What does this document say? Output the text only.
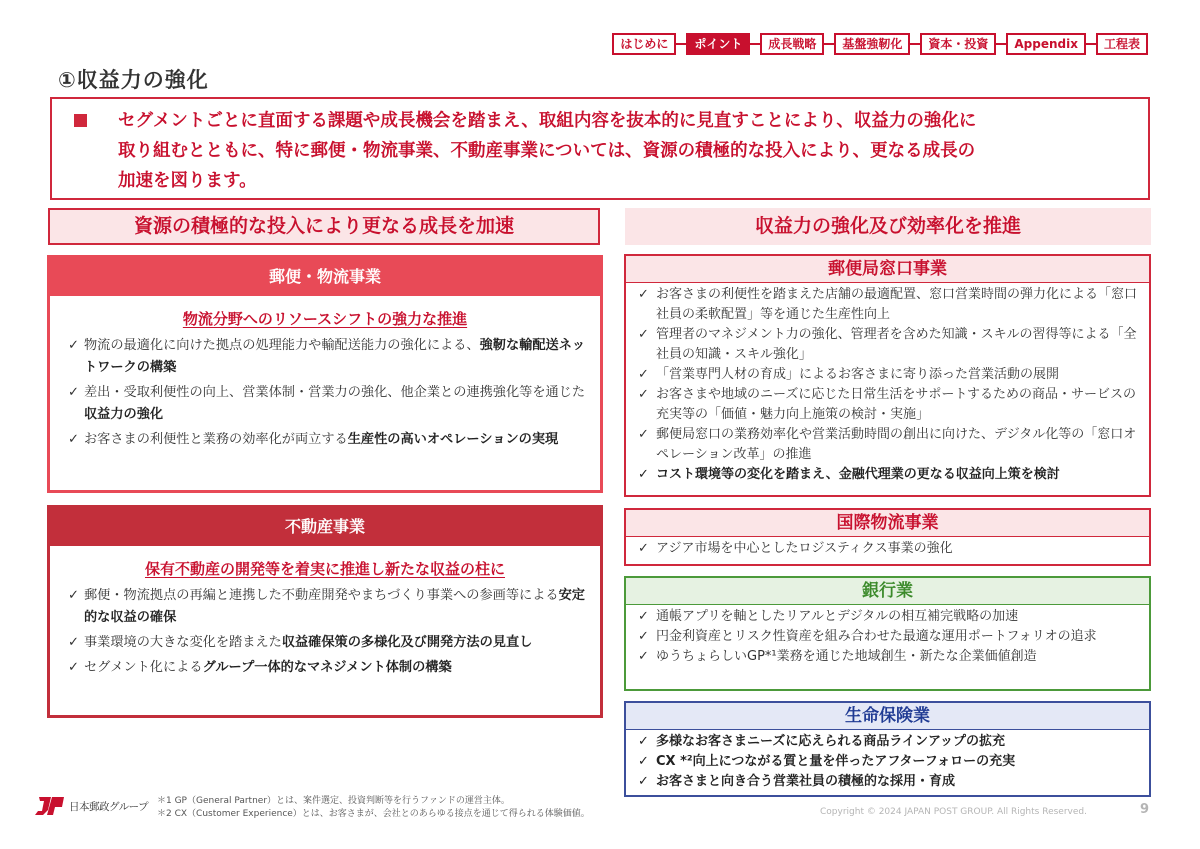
はじめに	ポイント	成長戦略	基盤強靭化	資本・投資	Appendix	工程表
①収益力の強化
セグメントごとに直面する課題や成長機会を踏まえ、取組内容を抜本的に見直すことにより、収益力の強化に
取り組むとともに、特に郵便・物流事業、不動産事業については、資源の積極的な投入により、更なる成長の
加速を図ります。
資源の積極的な投入により更なる成長を加速	収益力の強化及び効率化を推進
郵便・物流事業
物流分野へのリソースシフトの強力な推進
✓ 物流の最適化に向けた拠点の処理能力や輸配送能力の強化による、強靭な輸配送ネットワークの構築
✓ 差出・受取利便性の向上、営業体制・営業力の強化、他企業との連携強化等を通じた収益力の強化
✓ お客さまの利便性と業務の効率化が両立する生産性の高いオペレーションの実現
不動産事業
保有不動産の開発等を着実に推進し新たな収益の柱に
✓ 郵便・物流拠点の再編と連携した不動産開発やまちづくり事業への参画等による安定的な収益の確保
✓ 事業環境の大きな変化を踏まえた収益確保策の多様化及び開発方法の見直し
✓ セグメント化によるグループ一体的なマネジメント体制の構築
郵便局窓口事業
✓ お客さまの利便性を踏まえた店舗の最適配置、窓口営業時間の弾力化による「窓口社員の柔軟配置」等を通じた生産性向上
✓ 管理者のマネジメント力の強化、管理者を含めた知識・スキルの習得等による「全社員の知識・スキル強化」
✓ 「営業専門人材の育成」によるお客さまに寄り添った営業活動の展開
✓ お客さまや地域のニーズに応じた日常生活をサポートするための商品・サービスの充実等の「価値・魅力向上施策の検討・実施」
✓ 郵便局窓口の業務効率化や営業活動時間の創出に向けた、デジタル化等の「窓口オペレーション改革」の推進
✓ コスト環境等の変化を踏まえ、金融代理業の更なる収益向上策を検討
国際物流事業
✓ アジア市場を中心としたロジスティクス事業の強化
銀行業
✓ 通帳アプリを軸としたリアルとデジタルの相互補完戦略の加速
✓ 円金利資産とリスク性資産を組み合わせた最適な運用ポートフォリオの追求
✓ ゆうちょらしいGP*¹業務を通じた地域創生・新たな企業価値創造
生命保険業
✓ 多様なお客さまニーズに応えられる商品ラインアップの拡充
✓ CX *²向上につながる質と量を伴ったアフターフォローの充実
✓ お客さまと向き合う営業社員の積極的な採用・育成
日本郵政グループ ＊1 GP（General Partner）とは、案件選定、投資判断等を行うファンドの運営主体。
＊2 CX（Customer Experience）とは、お客さまが、会社とのあらゆる接点を通じて得られる体験価値。	Copyright © 2024 JAPAN POST GROUP. All Rights Reserved.	9
